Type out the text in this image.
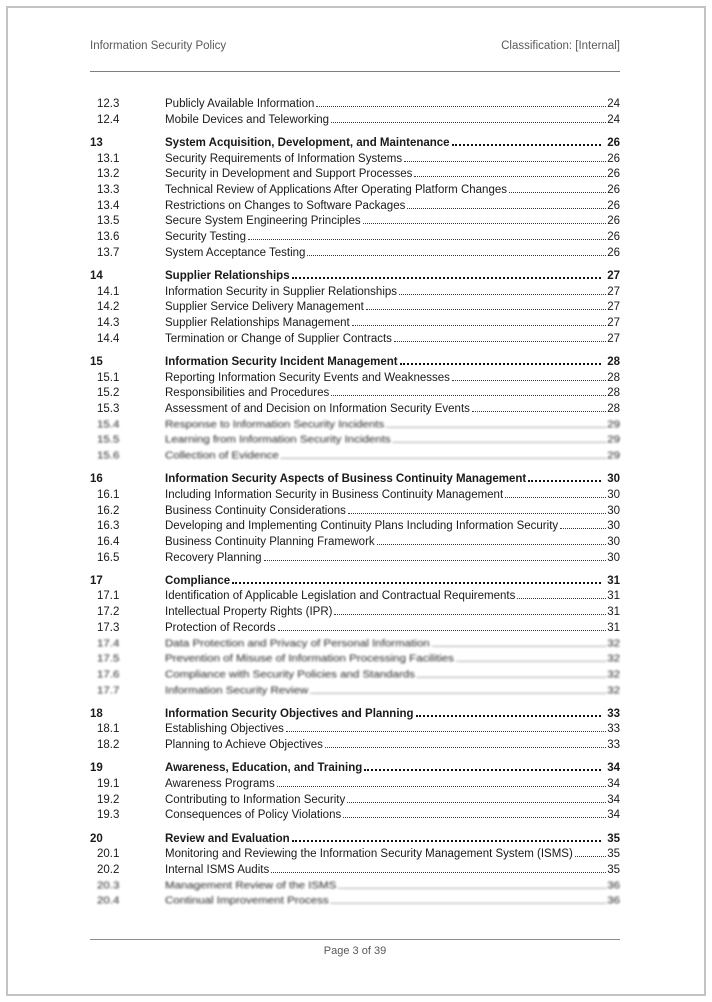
Information Security Policy	Classification: [Internal]
12.3	Publicly Available Information	24
12.4	Mobile Devices and Teleworking	24
13	System Acquisition, Development, and Maintenance	26
13.1	Security Requirements of Information Systems	26
13.2	Security in Development and Support Processes	26
13.3	Technical Review of Applications After Operating Platform Changes	26
13.4	Restrictions on Changes to Software Packages	26
13.5	Secure System Engineering Principles	26
13.6	Security Testing	26
13.7	System Acceptance Testing	26
14	Supplier Relationships	27
14.1	Information Security in Supplier Relationships	27
14.2	Supplier Service Delivery Management	27
14.3	Supplier Relationships Management	27
14.4	Termination or Change of Supplier Contracts	27
15	Information Security Incident Management	28
15.1	Reporting Information Security Events and Weaknesses	28
15.2	Responsibilities and Procedures	28
15.3	Assessment of and Decision on Information Security Events	28
15.4	Response to Information Security Incidents	29
15.5	Learning from Information Security Incidents	29
15.6	Collection of Evidence	29
16	Information Security Aspects of Business Continuity Management	30
16.1	Including Information Security in Business Continuity Management	30
16.2	Business Continuity Considerations	30
16.3	Developing and Implementing Continuity Plans Including Information Security	30
16.4	Business Continuity Planning Framework	30
16.5	Recovery Planning	30
17	Compliance	31
17.1	Identification of Applicable Legislation and Contractual Requirements	31
17.2	Intellectual Property Rights (IPR)	31
17.3	Protection of Records	31
17.4	Data Protection and Privacy of Personal Information	32
17.5	Prevention of Misuse of Information Processing Facilities	32
17.6	Compliance with Security Policies and Standards	32
17.7	Information Security Review	32
18	Information Security Objectives and Planning	33
18.1	Establishing Objectives	33
18.2	Planning to Achieve Objectives	33
19	Awareness, Education, and Training	34
19.1	Awareness Programs	34
19.2	Contributing to Information Security	34
19.3	Consequences of Policy Violations	34
20	Review and Evaluation	35
20.1	Monitoring and Reviewing the Information Security Management System (ISMS)	35
20.2	Internal ISMS Audits	35
20.3	Management Review of the ISMS	36
20.4	Continual Improvement Process	36
Page 3 of 39
